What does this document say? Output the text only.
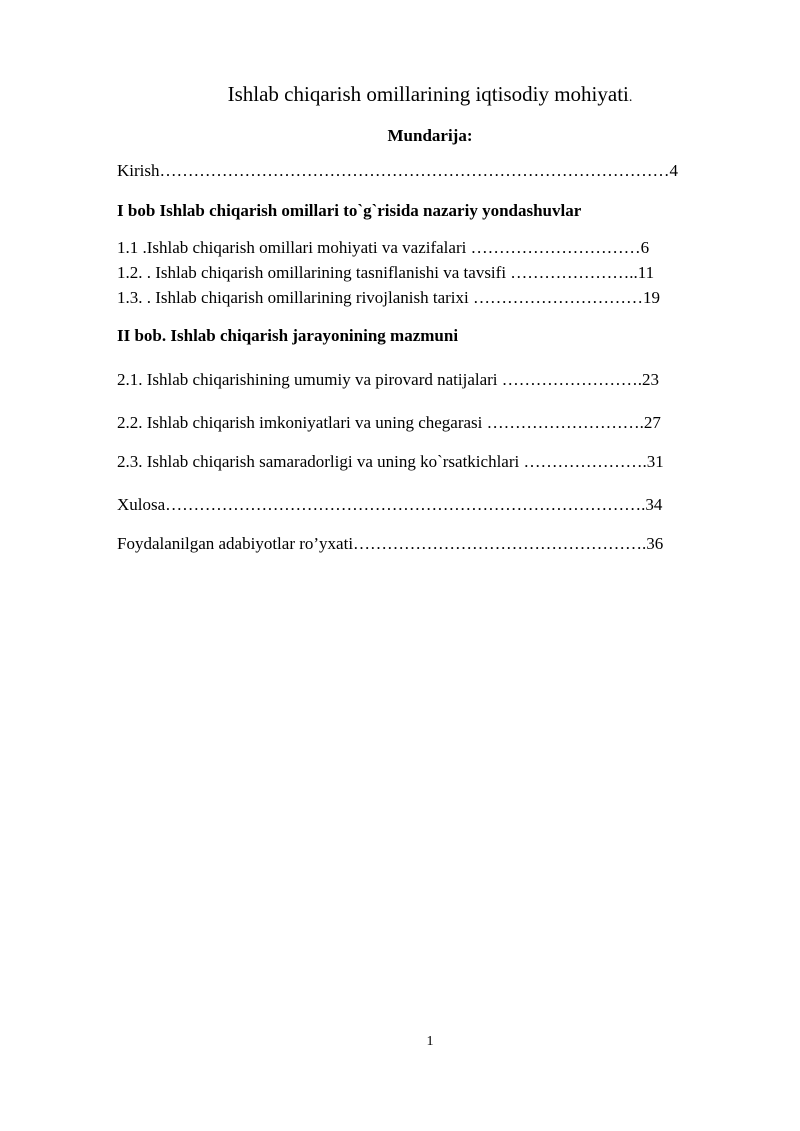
Ishlab chiqarish omillarining iqtisodiy mohiyati.
Mundarija:
Kirish………………………………………………………………………………4
I bob Ishlab chiqarish omillari to`g`risida nazariy yondashuvlar
1.1 .Ishlab chiqarish omillari mohiyati va vazifalari …………………………6
1.2. . Ishlab chiqarish omillarining tasniflanishi va tavsifi …………………..11
1.3. . Ishlab chiqarish omillarining rivojlanish tarixi …………………………19
II bob. Ishlab chiqarish jarayonining mazmuni
2.1. Ishlab chiqarishining umumiy va pirovard natijalari …………………….23
2.2. Ishlab chiqarish imkoniyatlari va uning chegarasi ……………………….27
2.3. Ishlab chiqarish samaradorligi va uning ko`rsatkichlari ………………….31
Xulosa………………………………………………………………………….34
Foydalanilgan adabiyotlar ro’yxati…………………………………………….36
1
